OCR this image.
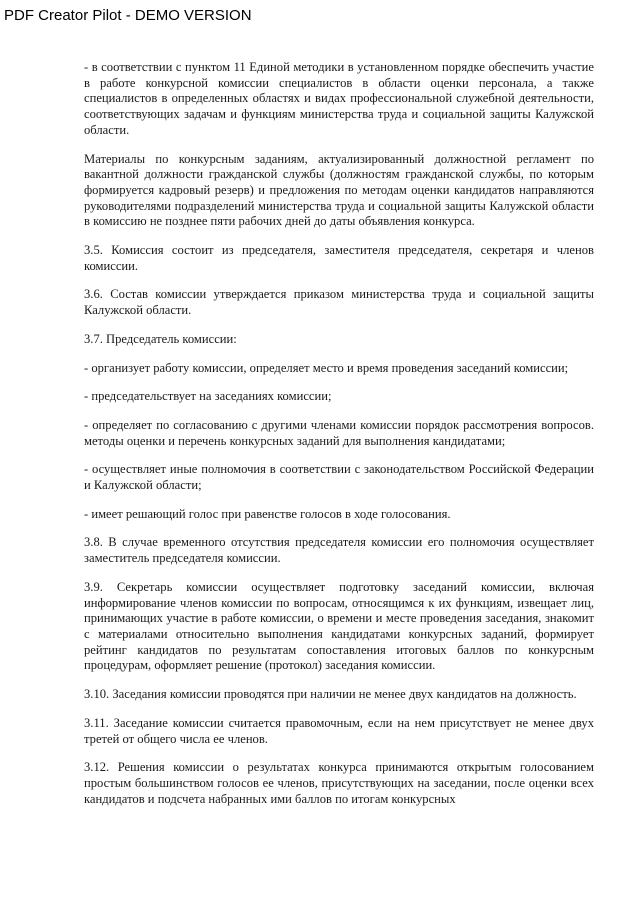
PDF Creator Pilot - DEMO VERSION

- в соответствии с пунктом 11 Единой методики в установленном порядке обеспечить участие в работе конкурсной комиссии специалистов в области оценки персонала, а также специалистов в определенных областях и видах профессиональной служебной деятельности, соответствующих задачам и функциям министерства труда и социальной защиты Калужской области.

Материалы по конкурсным заданиям, актуализированный должностной регламент по вакантной должности гражданской службы (должностям гражданской службы, по которым формируется кадровый резерв) и предложения по методам оценки кандидатов направляются руководителями подразделений министерства труда и социальной защиты Калужской области в комиссию не позднее пяти рабочих дней до даты объявления конкурса.

3.5. Комиссия состоит из председателя, заместителя председателя, секретаря и членов комиссии.

3.6. Состав комиссии утверждается приказом министерства труда и социальной защиты Калужской области.

3.7. Председатель комиссии:

- организует работу комиссии, определяет место и время проведения заседаний комиссии;

- председательствует на заседаниях комиссии;

- определяет по согласованию с другими членами комиссии порядок рассмотрения вопросов. методы оценки и перечень конкурсных заданий для выполнения кандидатами;

- осуществляет иные полномочия в соответствии с законодательством Российской Федерации и Калужской области;

- имеет решающий голос при равенстве голосов в ходе голосования.

3.8. В случае временного отсутствия председателя комиссии его полномочия осуществляет заместитель председателя комиссии.

3.9. Секретарь комиссии осуществляет подготовку заседаний комиссии, включая информирование членов комиссии по вопросам, относящимся к их функциям, извещает лиц, принимающих участие в работе комиссии, о времени и месте проведения заседания, знакомит с материалами относительно выполнения кандидатами конкурсных заданий, формирует рейтинг кандидатов по результатам сопоставления итоговых баллов по конкурсным процедурам, оформляет решение (протокол) заседания комиссии.

3.10. Заседания комиссии проводятся при наличии не менее двух кандидатов на должность.

3.11. Заседание комиссии считается правомочным, если на нем присутствует не менее двух третей от общего числа ее членов.

3.12. Решения комиссии о результатах конкурса принимаются открытым голосованием простым большинством голосов ее членов, присутствующих на заседании, после оценки всех кандидатов и подсчета набранных ими баллов по итогам конкурсных
